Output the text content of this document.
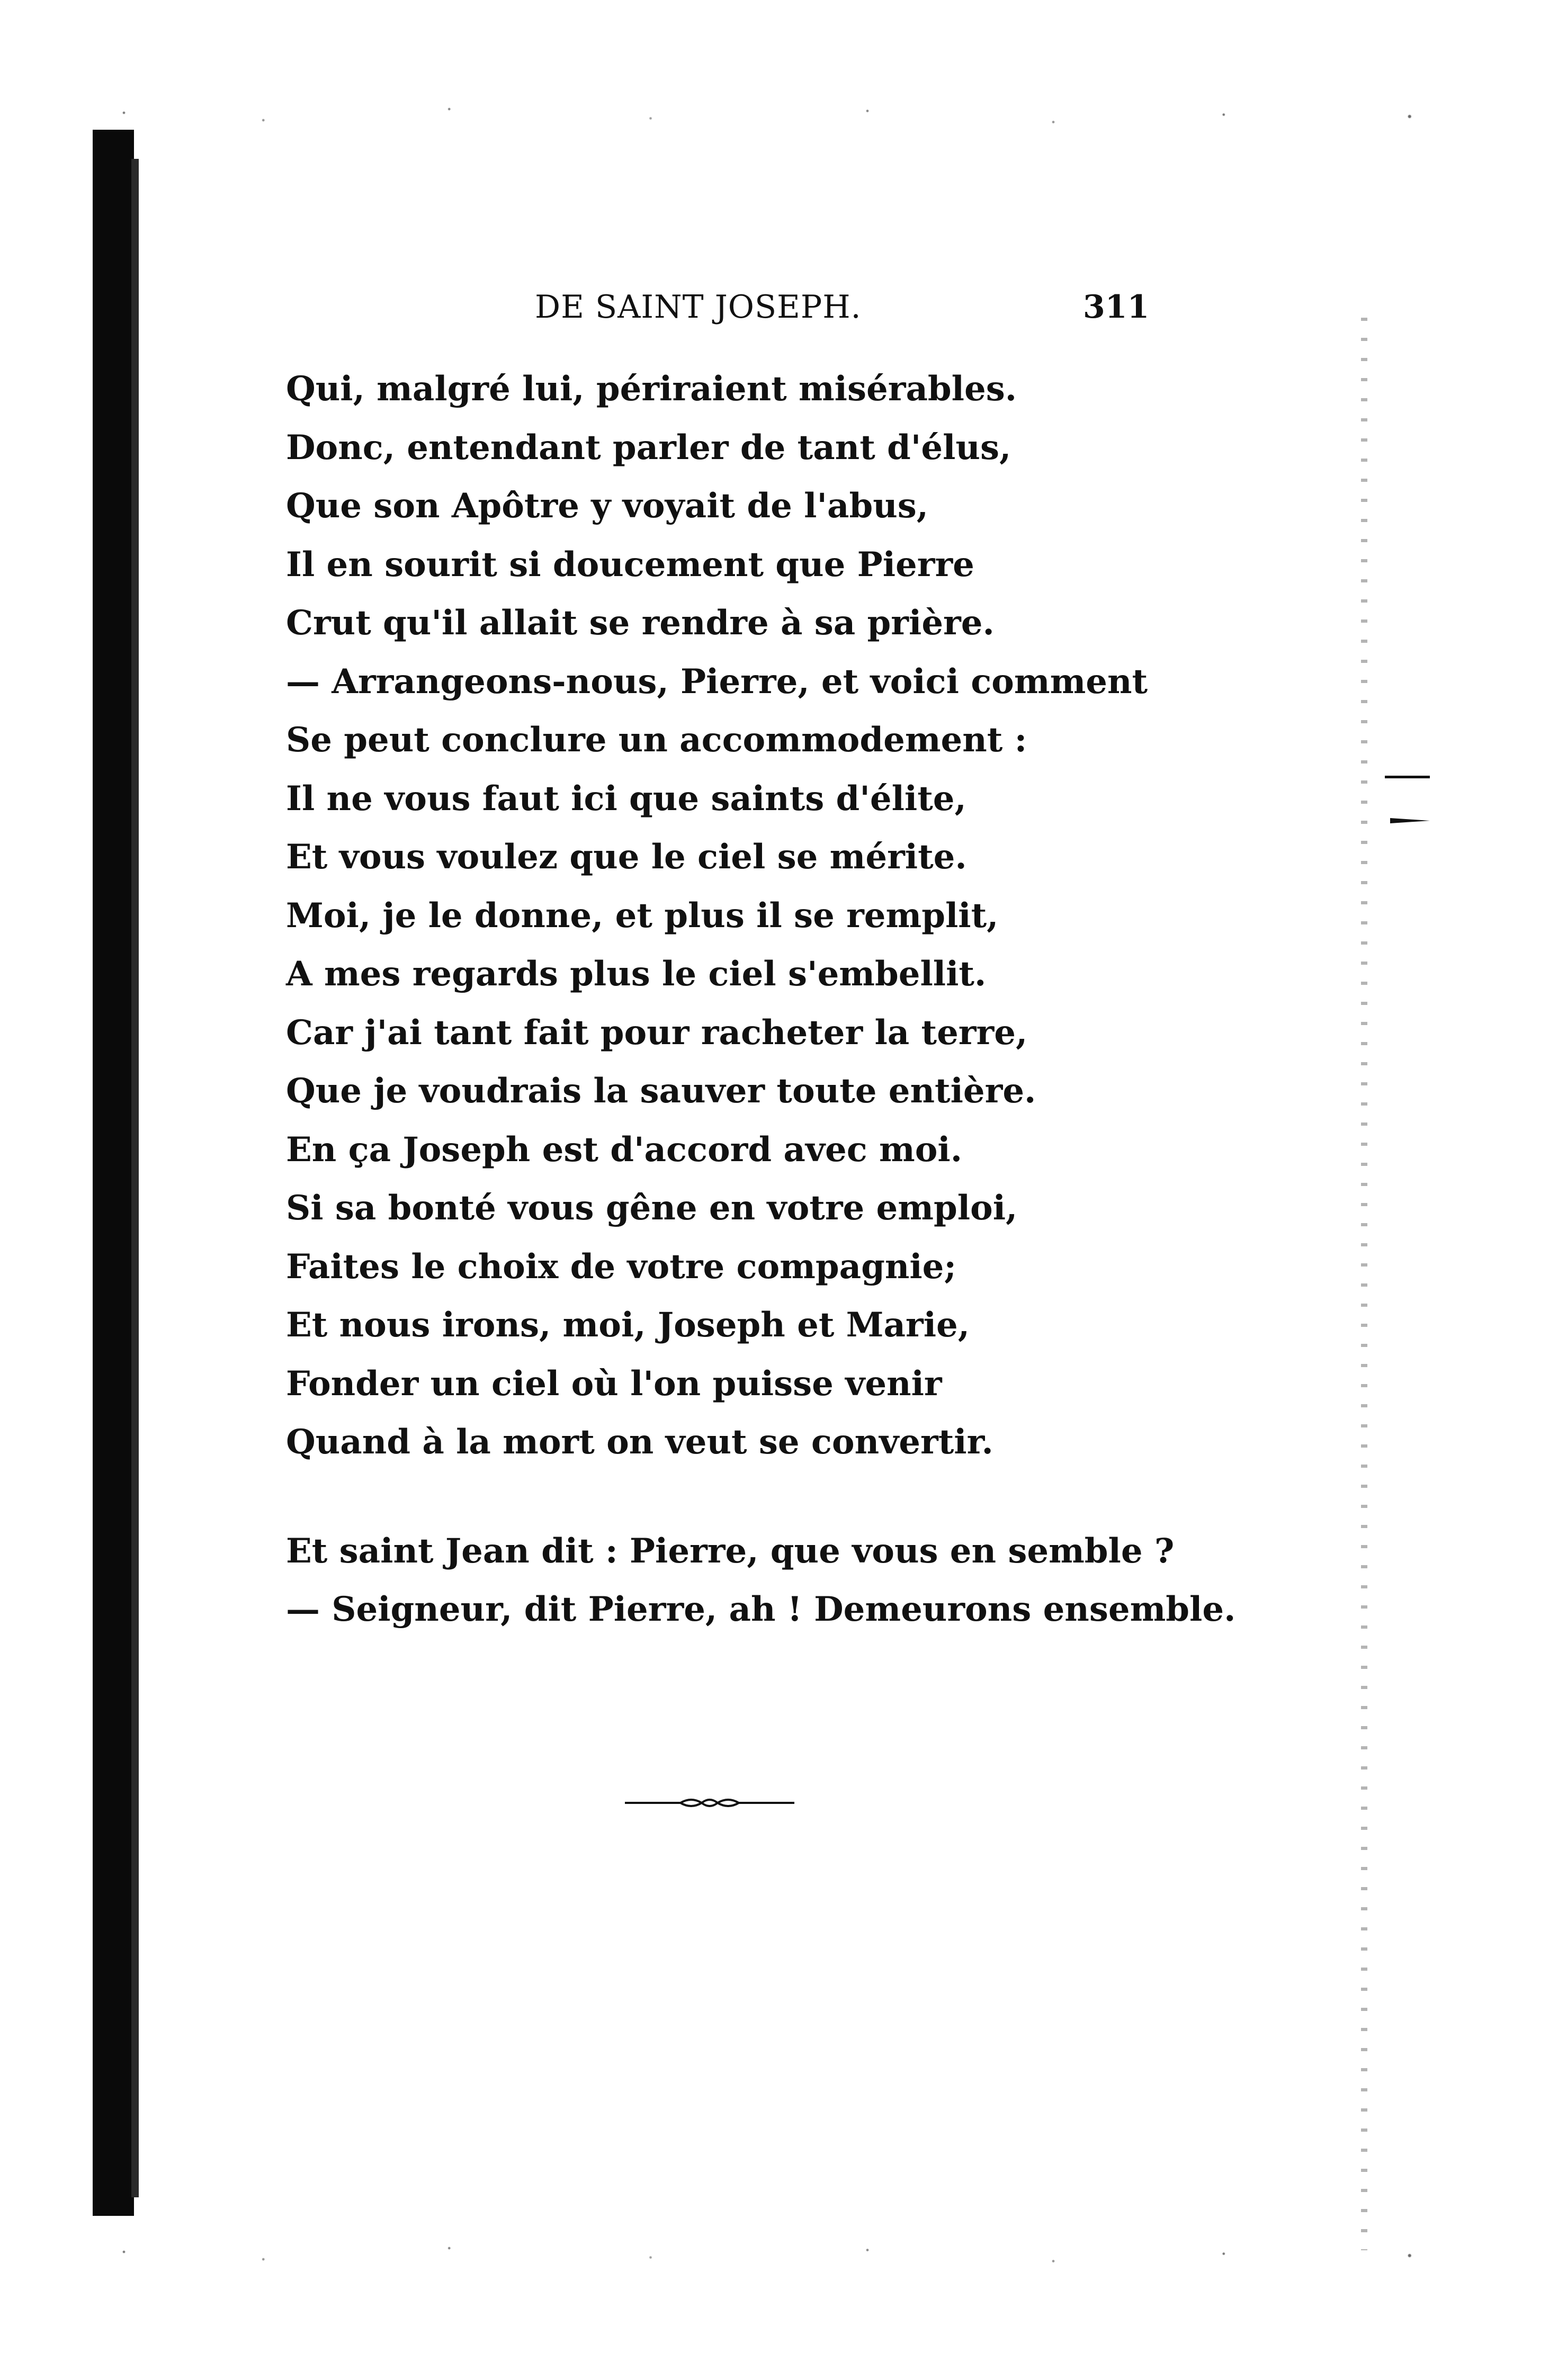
DE SAINT JOSEPH.	311
Qui, malgré lui, périraient misérables.
Donc, entendant parler de tant d'élus,
Que son Apôtre y voyait de l'abus,
Il en sourit si doucement que Pierre
Crut qu'il allait se rendre à sa prière.
— Arrangeons-nous, Pierre, et voici comment
Se peut conclure un accommodement :
Il ne vous faut ici que saints d'élite,
Et vous voulez que le ciel se mérite.
Moi, je le donne, et plus il se remplit,
A mes regards plus le ciel s'embellit.
Car j'ai tant fait pour racheter la terre,
Que je voudrais la sauver toute entière.
En ça Joseph est d'accord avec moi.
Si sa bonté vous gêne en votre emploi,
Faites le choix de votre compagnie;
Et nous irons, moi, Joseph et Marie,
Fonder un ciel où l'on puisse venir
Quand à la mort on veut se convertir.
Et saint Jean dit : Pierre, que vous en semble ?
— Seigneur, dit Pierre, ah ! Demeurons ensemble.
